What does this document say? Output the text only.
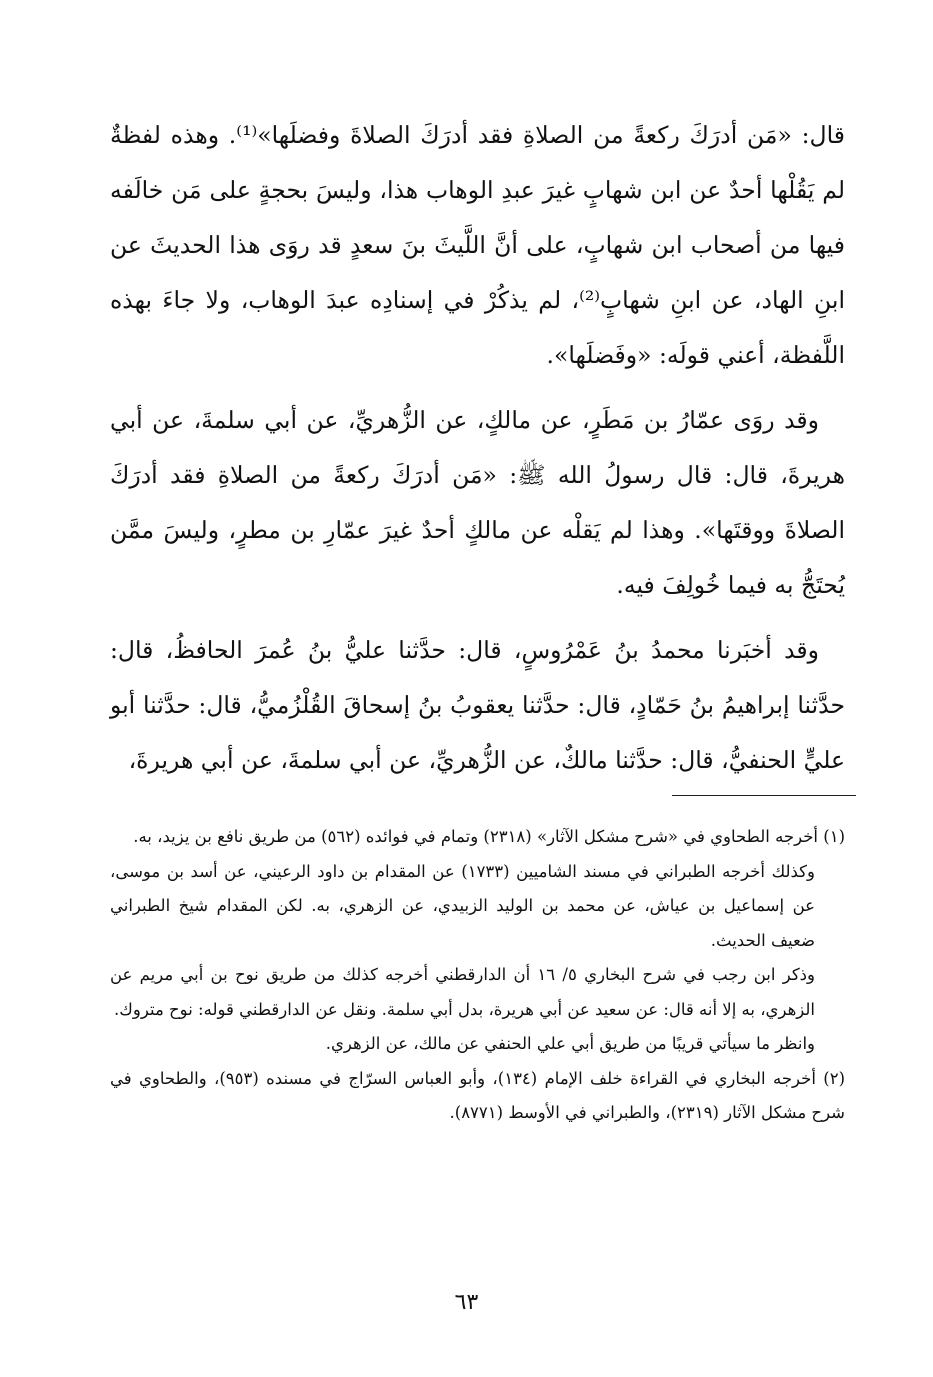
قال: «مَن أدرَكَ ركعةً من الصلاةِ فقد أدرَكَ الصلاةَ وفضلَها»⁽¹⁾. وهذه لفظةٌ لم يَقُلْها أحدٌ عن ابن شهابٍ غيرَ عبدِ الوهاب هذا، وليسَ بحجةٍ على مَن خالَفه فيها من أصحاب ابن شهابٍ، على أنَّ اللَّيثَ بنَ سعدٍ قد روَى هذا الحديثَ عن ابنِ الهاد، عن ابنِ شهابٍ⁽²⁾، لم يذكُرْ في إسنادِه عبدَ الوهاب، ولا جاءَ بهذه اللَّفظة، أعني قولَه: «وفَضلَها».

وقد روَى عمّارُ بن مَطَرٍ، عن مالكٍ، عن الزُّهريِّ، عن أبي سلمةَ، عن أبي هريرةَ، قال: قال رسولُ الله ﷺ: «مَن أدرَكَ ركعةً من الصلاةِ فقد أدرَكَ الصلاةَ ووقتَها». وهذا لم يَقلْه عن مالكٍ أحدٌ غيرَ عمّارِ بن مطرٍ، وليسَ ممَّن يُحتَجُّ به فيما خُولِفَ فيه.

وقد أخبَرنا محمدُ بنُ عَمْرُوسٍ، قال: حدَّثنا عليُّ بنُ عُمرَ الحافظُ، قال: حدَّثنا إبراهيمُ بنُ حَمّادٍ، قال: حدَّثنا يعقوبُ بنُ إسحاقَ القُلْزُميُّ، قال: حدَّثنا أبو عليٍّ الحنفيُّ، قال: حدَّثنا مالكٌ، عن الزُّهريِّ، عن أبي سلمةَ، عن أبي هريرةَ،

(١) أخرجه الطحاوي في «شرح مشكل الآثار» (٢٣١٨) وتمام في فوائده (٥٦٢) من طريق نافع بن يزيد، به.

وكذلك أخرجه الطبراني في مسند الشاميين (١٧٣٣) عن المقدام بن داود الرعيني، عن أسد بن موسى، عن إسماعيل بن عياش، عن محمد بن الوليد الزبيدي، عن الزهري، به. لكن المقدام شيخ الطبراني ضعيف الحديث.

وذكر ابن رجب في شرح البخاري ٥/ ١٦ أن الدارقطني أخرجه كذلك من طريق نوح بن أبي مريم عن الزهري، به إلا أنه قال: عن سعيد عن أبي هريرة، بدل أبي سلمة. ونقل عن الدارقطني قوله: نوح متروك.

وانظر ما سيأتي قريبًا من طريق أبي علي الحنفي عن مالك، عن الزهري.

(٢) أخرجه البخاري في القراءة خلف الإمام (١٣٤)، وأبو العباس السرّاج في مسنده (٩٥٣)، والطحاوي في شرح مشكل الآثار (٢٣١٩)، والطبراني في الأوسط (٨٧٧١).

٦٣
